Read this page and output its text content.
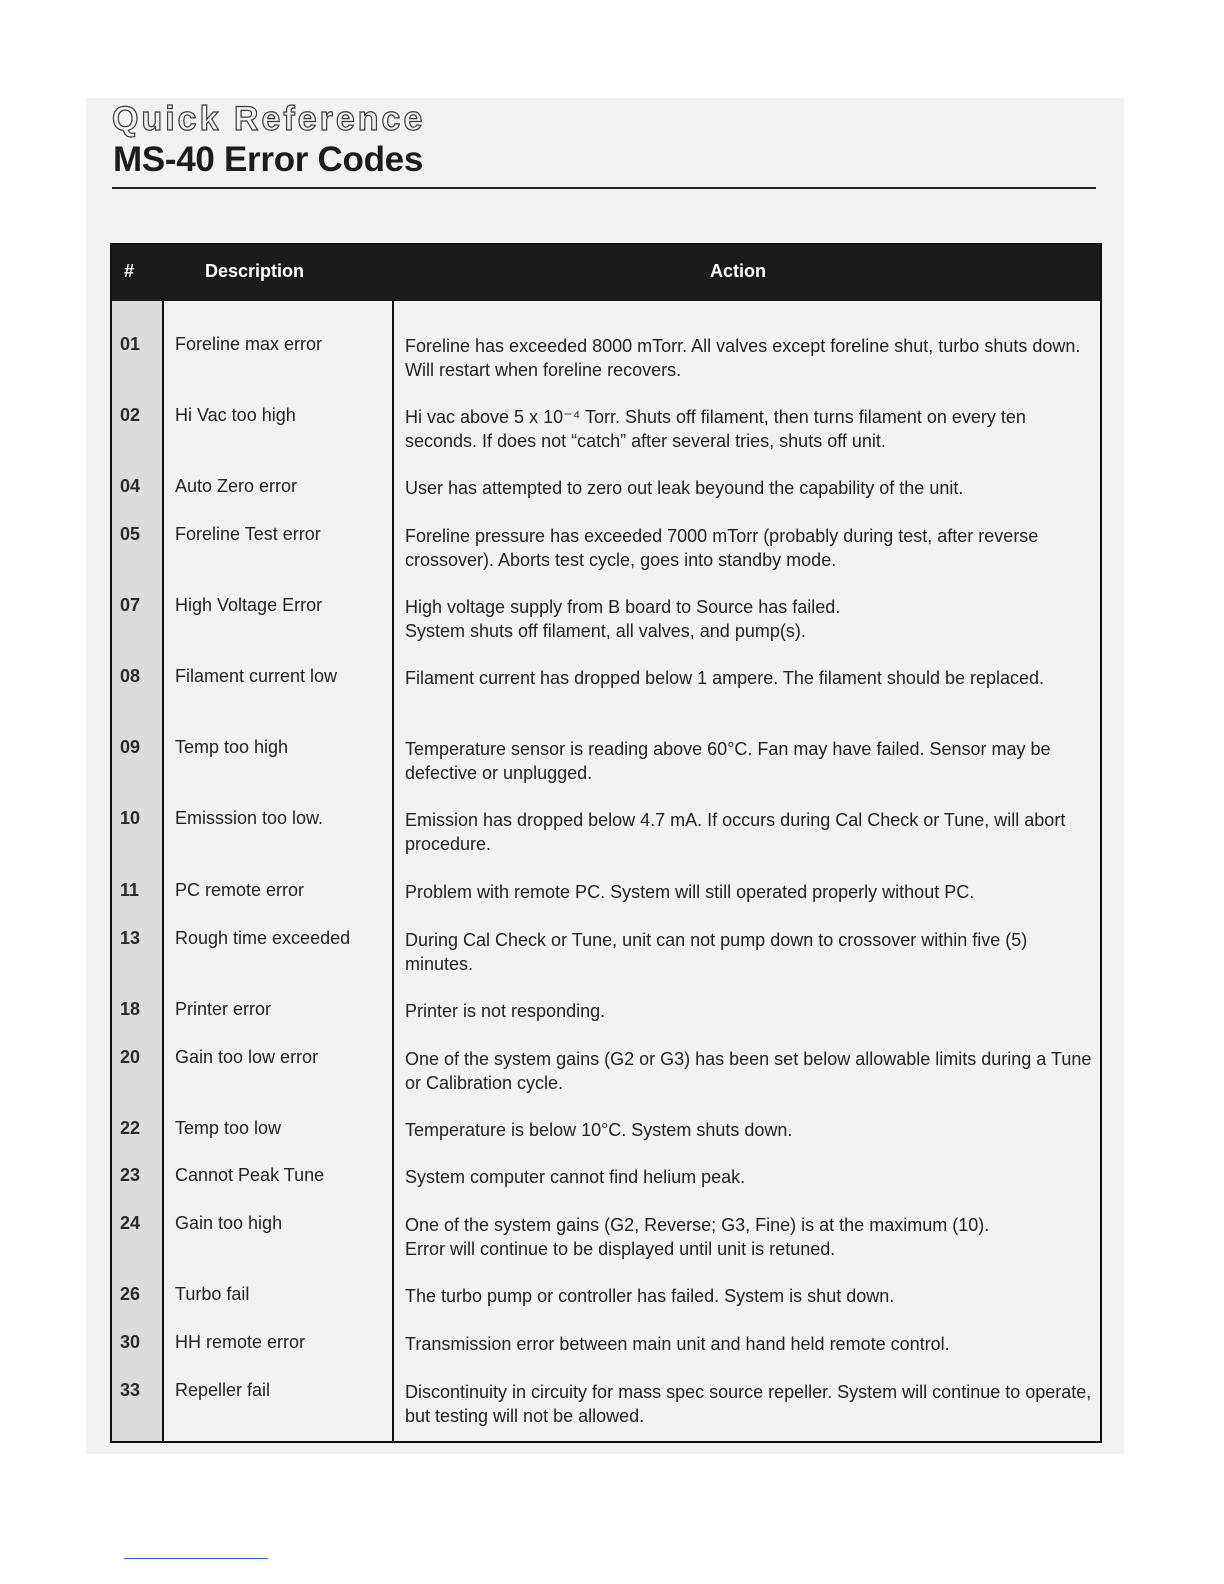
Quick Reference
MS-40 Error Codes
#	Description	Action
01 Foreline max error	Foreline has exceeded 8000 mTorr. All valves except foreline shut, turbo shuts down. Will restart when foreline recovers.
02 Hi Vac too high	Hi vac above 5 x 10⁻⁴ Torr. Shuts off filament, then turns filament on every ten seconds. If does not “catch” after several tries, shuts off unit.
04 Auto Zero error	User has attempted to zero out leak beyound the capability of the unit.
05 Foreline Test error	Foreline pressure has exceeded 7000 mTorr (probably during test, after reverse crossover). Aborts test cycle, goes into standby mode.
07 High Voltage Error	High voltage supply from B board to Source has failed.

System shuts off filament, all valves, and pump(s).

08 Filament current low	Filament current has dropped below 1 ampere. The filament should be replaced.
09 Temp too high	Temperature sensor is reading above 60°C. Fan may have failed. Sensor may be defective or unplugged.
10 Emisssion too low.	Emission has dropped below 4.7 mA. If occurs during Cal Check or Tune, will abort procedure.
11 PC remote error	Problem with remote PC. System will still operated properly without PC.
13 Rough time exceeded	During Cal Check or Tune, unit can not pump down to crossover within five (5) minutes.
18 Printer error	Printer is not responding.
20 Gain too low error	One of the system gains (G2 or G3) has been set below allowable limits during a Tune or Calibration cycle.
22 Temp too low	Temperature is below 10°C. System shuts down.
23 Cannot Peak Tune	System computer cannot find helium peak.
24 Gain too high	One of the system gains (G2, Reverse; G3, Fine) is at the maximum (10).

Error will continue to be displayed until unit is retuned.

26 Turbo fail	The turbo pump or controller has failed. System is shut down.
30 HH remote error	Transmission error between main unit and hand held remote control.
33 Repeller fail	Discontinuity in circuity for mass spec source repeller. System will continue to operate, but testing will not be allowed.
